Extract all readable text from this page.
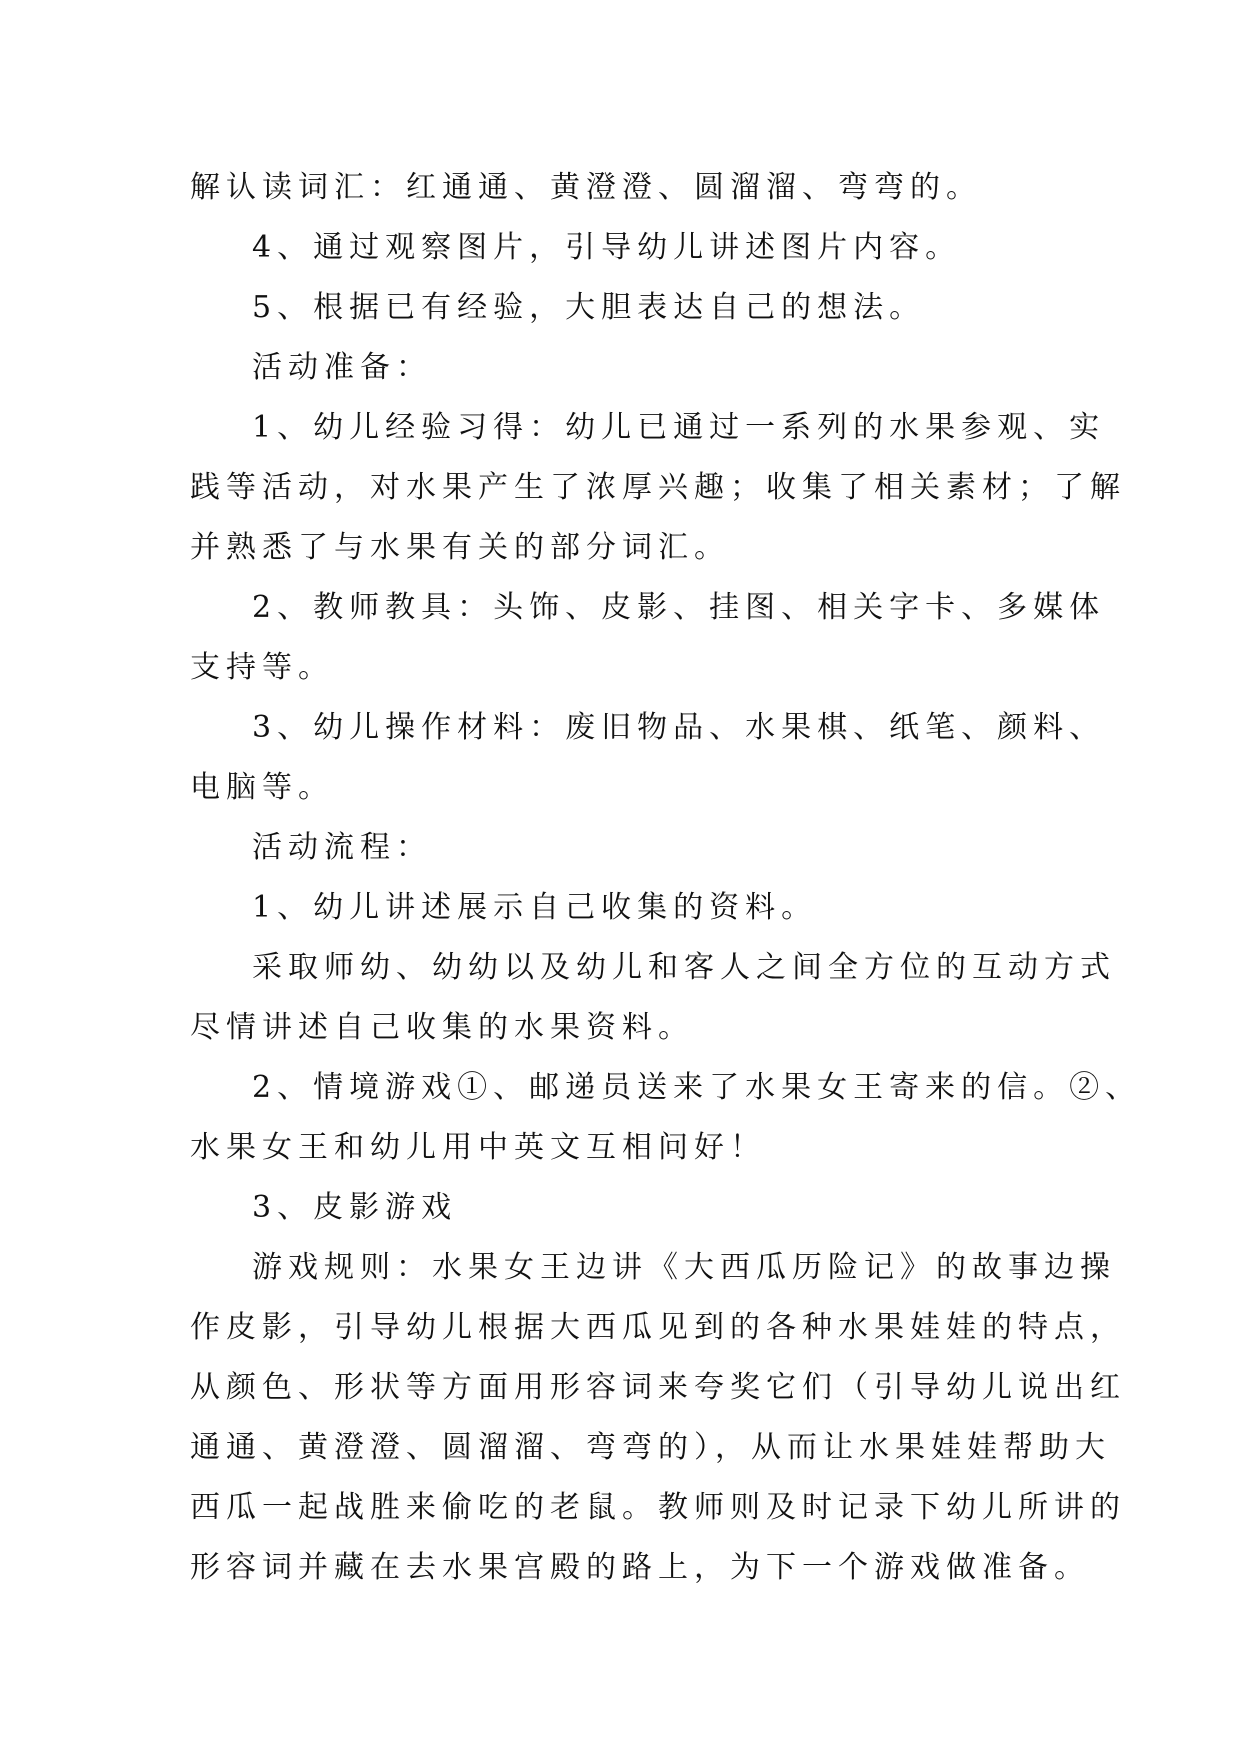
解认读词汇：红通通、黄澄澄、圆溜溜、弯弯的。
4、通过观察图片，引导幼儿讲述图片内容。
5、根据已有经验，大胆表达自己的想法。
活动准备：
1、幼儿经验习得：幼儿已通过一系列的水果参观、实
践等活动，对水果产生了浓厚兴趣；收集了相关素材；了解
并熟悉了与水果有关的部分词汇。
2、教师教具：头饰、皮影、挂图、相关字卡、多媒体
支持等。
3、幼儿操作材料：废旧物品、水果棋、纸笔、颜料、
电脑等。
活动流程：
1、幼儿讲述展示自己收集的资料。
采取师幼、幼幼以及幼儿和客人之间全方位的互动方式
尽情讲述自己收集的水果资料。
2、情境游戏①、邮递员送来了水果女王寄来的信。②、
水果女王和幼儿用中英文互相问好！
3、皮影游戏
游戏规则：水果女王边讲《大西瓜历险记》的故事边操
作皮影，引导幼儿根据大西瓜见到的各种水果娃娃的特点，
从颜色、形状等方面用形容词来夸奖它们（引导幼儿说出红
通通、黄澄澄、圆溜溜、弯弯的），从而让水果娃娃帮助大
西瓜一起战胜来偷吃的老鼠。教师则及时记录下幼儿所讲的
形容词并藏在去水果宫殿的路上，为下一个游戏做准备。
